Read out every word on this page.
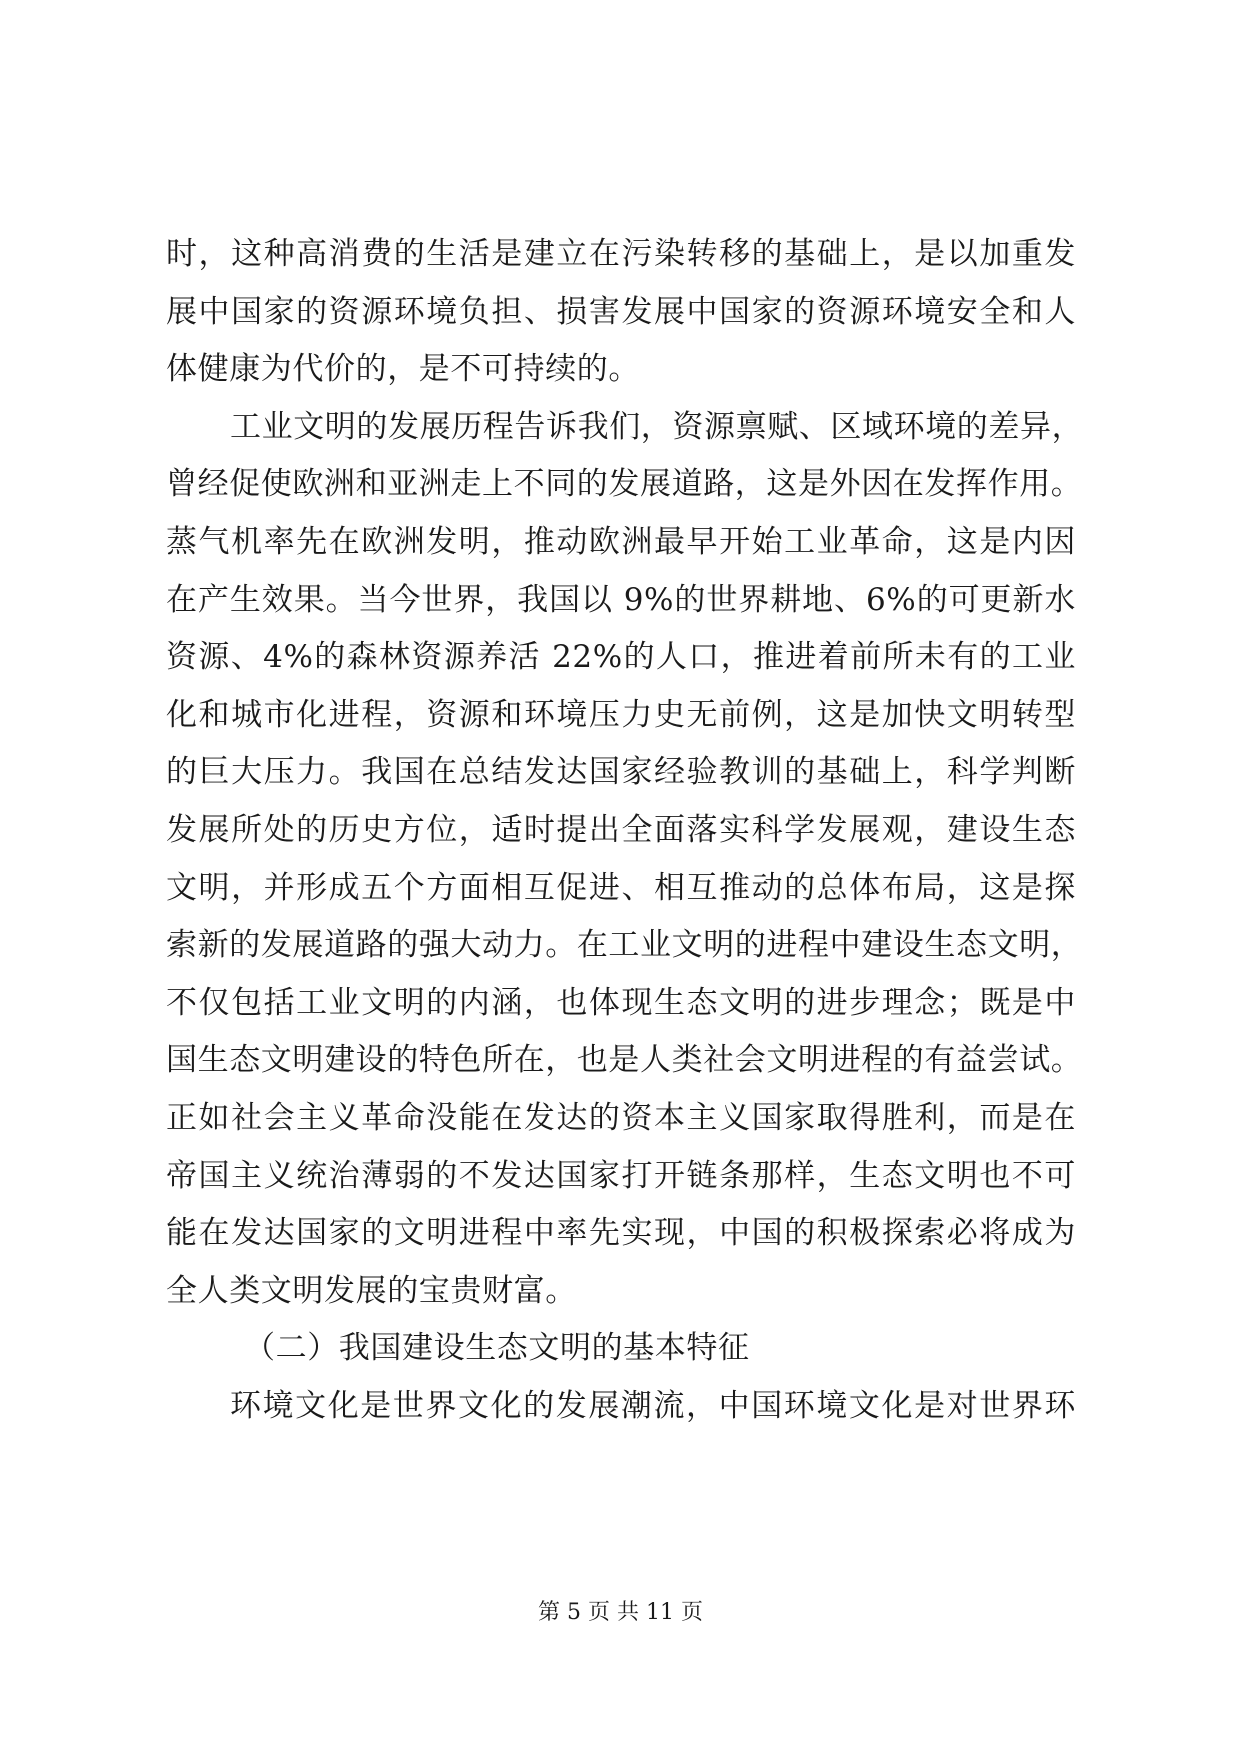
时，这种高消费的生活是建立在污染转移的基础上，是以加重发
展中国家的资源环境负担、损害发展中国家的资源环境安全和人
体健康为代价的，是不可持续的。
工业文明的发展历程告诉我们，资源禀赋、区域环境的差异，
曾经促使欧洲和亚洲走上不同的发展道路，这是外因在发挥作用。
蒸气机率先在欧洲发明，推动欧洲最早开始工业革命，这是内因
在产生效果。当今世界，我国以 9%的世界耕地、6%的可更新水
资源、4%的森林资源养活 22%的人口，推进着前所未有的工业
化和城市化进程，资源和环境压力史无前例，这是加快文明转型
的巨大压力。我国在总结发达国家经验教训的基础上，科学判断
发展所处的历史方位，适时提出全面落实科学发展观，建设生态
文明，并形成五个方面相互促进、相互推动的总体布局，这是探
索新的发展道路的强大动力。在工业文明的进程中建设生态文明，
不仅包括工业文明的内涵，也体现生态文明的进步理念；既是中
国生态文明建设的特色所在，也是人类社会文明进程的有益尝试。
正如社会主义革命没能在发达的资本主义国家取得胜利，而是在
帝国主义统治薄弱的不发达国家打开链条那样，生态文明也不可
能在发达国家的文明进程中率先实现，中国的积极探索必将成为
全人类文明发展的宝贵财富。
（二）我国建设生态文明的基本特征
环境文化是世界文化的发展潮流，中国环境文化是对世界环
第 5 页 共 11 页
